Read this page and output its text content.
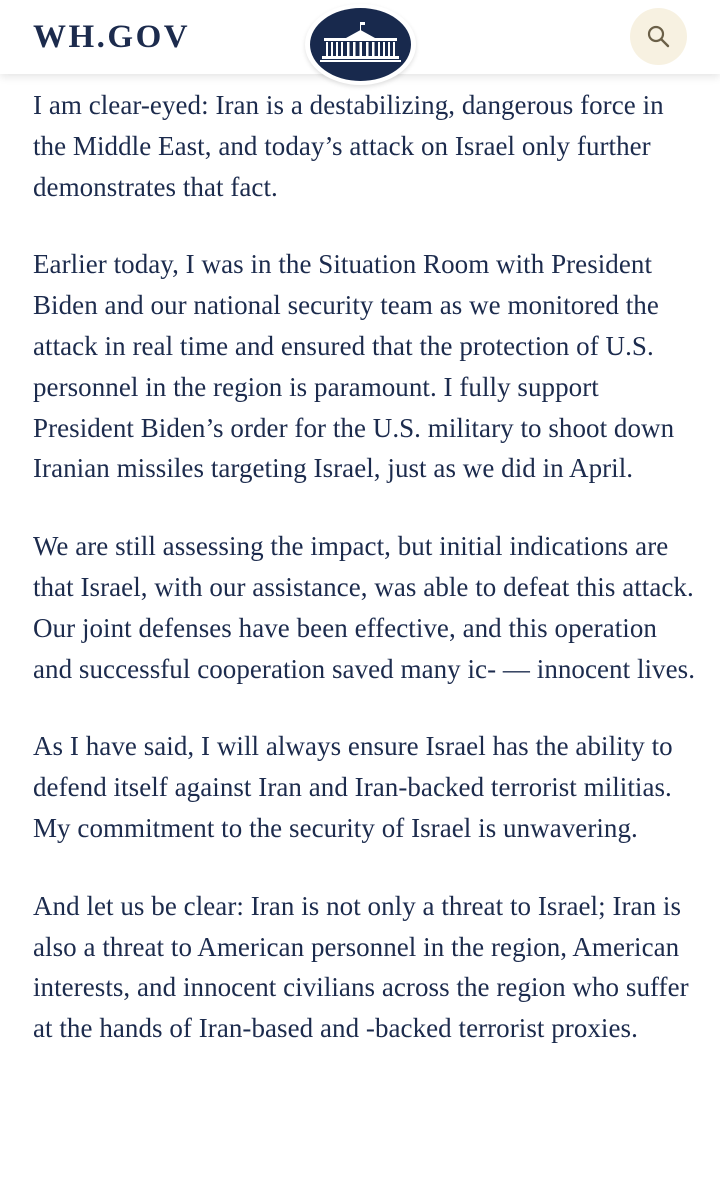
WH.GOV

I am clear-eyed: Iran is a destabilizing, dangerous force in the Middle East, and today’s attack on Israel only further demonstrates that fact.

Earlier today, I was in the Situation Room with President Biden and our national security team as we monitored the attack in real time and ensured that the protection of U.S. personnel in the region is paramount. I fully support President Biden’s order for the U.S. military to shoot down Iranian missiles targeting Israel, just as we did in April.

We are still assessing the impact, but initial indications are that Israel, with our assistance, was able to defeat this attack. Our joint defenses have been effective, and this operation and successful cooperation saved many ic- — innocent lives.

As I have said, I will always ensure Israel has the ability to defend itself against Iran and Iran-backed terrorist militias. My commitment to the security of Israel is unwavering.

And let us be clear: Iran is not only a threat to Israel; Iran is also a threat to American personnel in the region, American interests, and innocent civilians across the region who suffer at the hands of Iran-based and -backed terrorist proxies.
